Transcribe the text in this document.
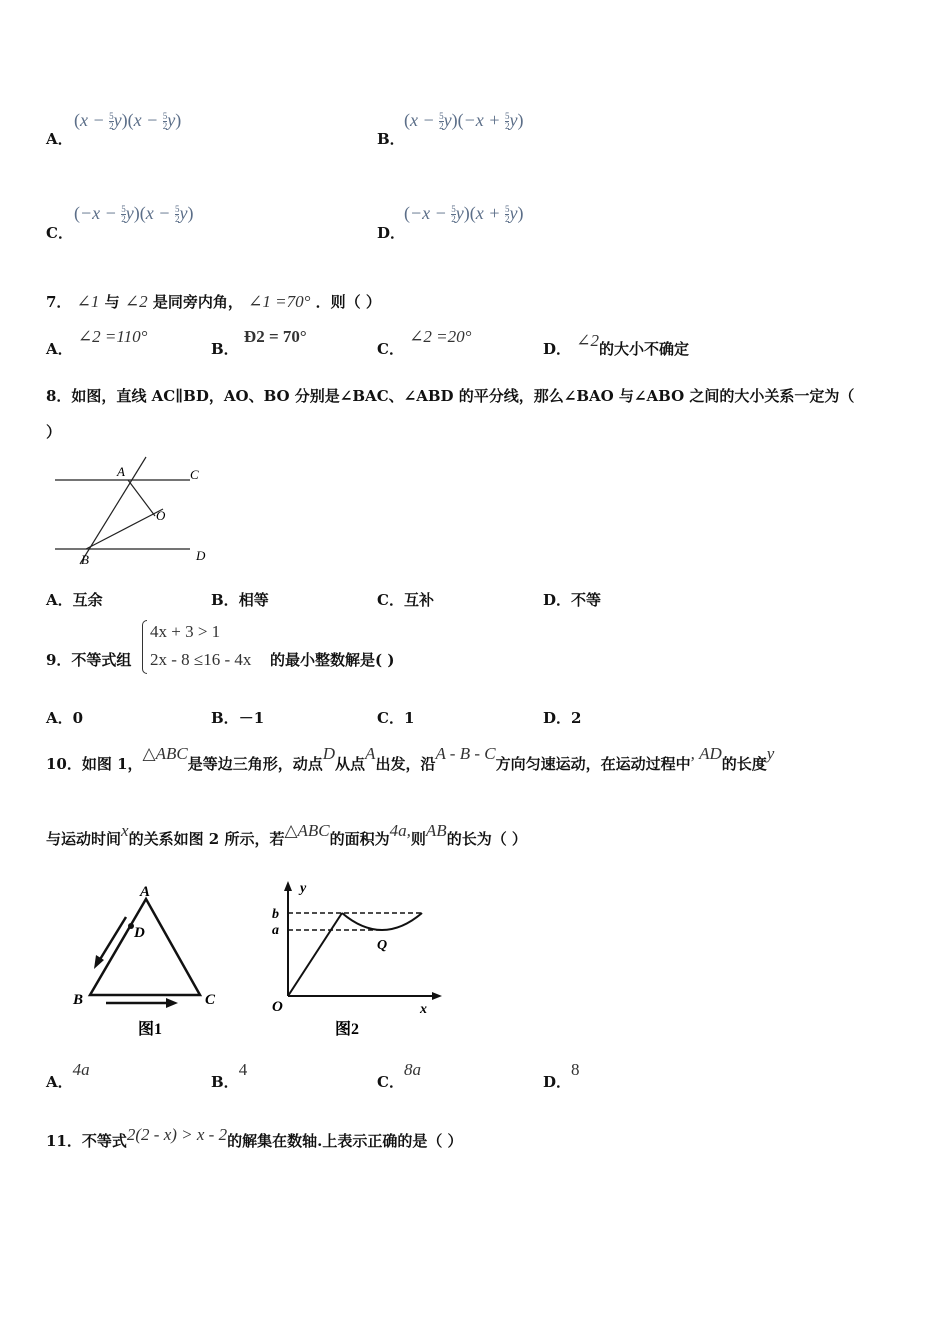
A．
$(x - \frac{5}{2} y)(x - \frac{5}{2} y)$
B．
$(x - \frac{5}{2} y)(-x + \frac{5}{2} y)$
C．
$(-x - \frac{5}{2} y)(x - \frac{5}{2} y)$
D．
$(-x - \frac{5}{2} y)(x + \frac{5}{2} y)$
7． ∠1 与 ∠2 是同旁内角， ∠1 =70° ．则（ ）
A． ∠2 =110°
B． Ð2 = 70°
C． ∠2 =20°
D． ∠2的大小不确定
8．如图，直线 AC∥BD，AO、BO 分别是∠BAC、∠ABD 的平分线，那么∠BAO 与∠ABO 之间的大小关系一定为（
）
A	C
O
B	D
A．互余	B．相等	C．互补	D．不等
9．不等式组
4x + 3 > 1
2x - 8 ≤16 - 4x 的最小整数解是( )
A．0	B．－1	C．1	D．2
10．如图 1，△ABC是等边三角形，动点D从点A出发，沿A - B - C方向匀速运动，在运动过程中, AD的长度y
与运动时间x的关系如图 2 所示，若△ABC的面积为4a,则AB的长为（ ）
A
D
B	C
图1
y
b
a
Q
O	x
图2
A．4a
B．4
C．8a
D．8
11．不等式2(2 - x) > x - 2的解集在数轴.上表示正确的是（ ）
